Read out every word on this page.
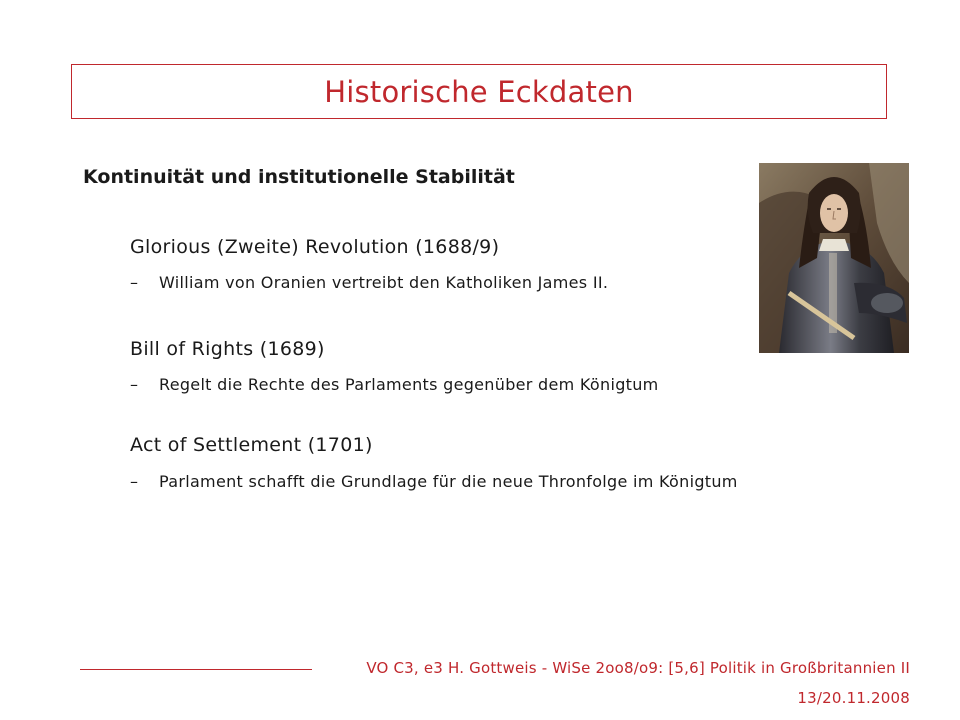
Historische Eckdaten
Kontinuität und institutionelle Stabilität
Glorious (Zweite) Revolution (1688/9)
–	William von Oranien vertreibt den Katholiken James II.
Bill of Rights (1689)
–	Regelt die Rechte des Parlaments gegenüber dem Königtum
Act of Settlement (1701)
–	Parlament schafft die Grundlage für die neue Thronfolge im Königtum
VO C3, e3 H. Gottweis - WiSe 2oo8/o9: [5,6] Politik in Großbritannien II
13/20.11.2008
